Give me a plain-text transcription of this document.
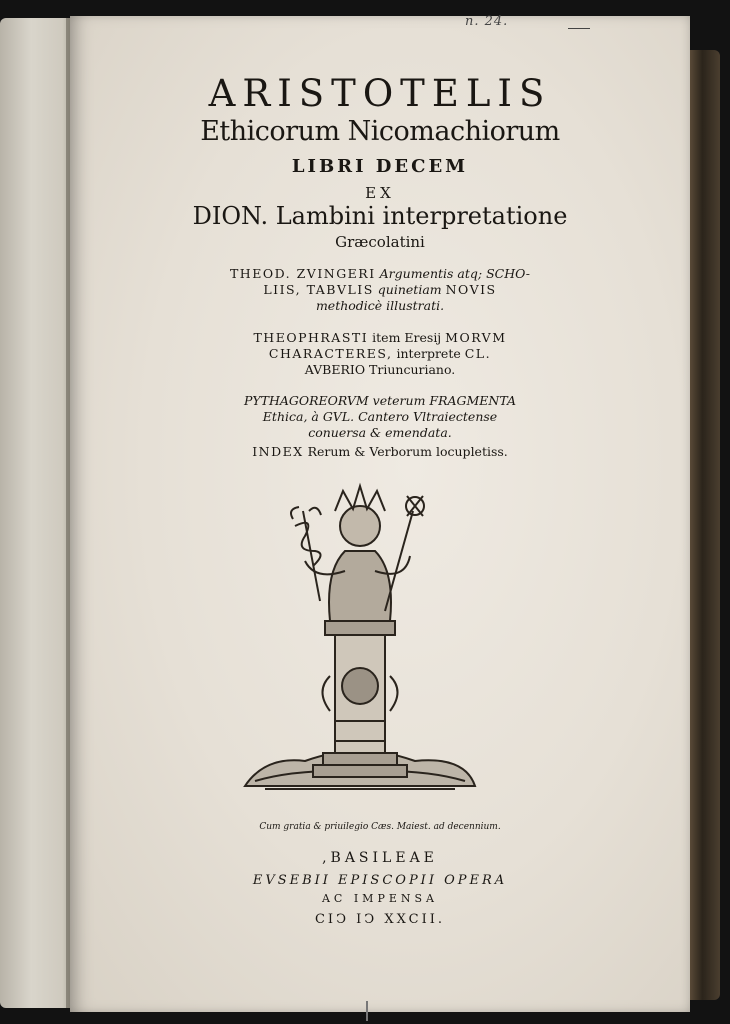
n. 24.
ARISTOTELIS
Ethicorum Nicomachiorum
LIBRI DECEM
EX
DION. Lambini interpretatione
Græcolatini
THEOD. ZVINGERI Argumentis atq; SCHO-
LIIS, TABVLIS quinetiam NOVIS
methodicè illustrati.
THEOPHRASTI item Eresij MORVM
CHARACTERES, interprete CL.
AVBERIO Triuncuriano.
PYTHAGOREORVM veterum FRAGMENTA
Ethica, à GVL. Cantero Vltraiectense
conuersa & emendata.
INDEX Rerum & Verborum locupletiss.
Cum gratia & priuilegio Cæs. Maiest. ad decennium.
,BASILEAE
EVSEBII EPISCOPII OPERA
AC IMPENSA
CIↃ IↃ XXCII.
